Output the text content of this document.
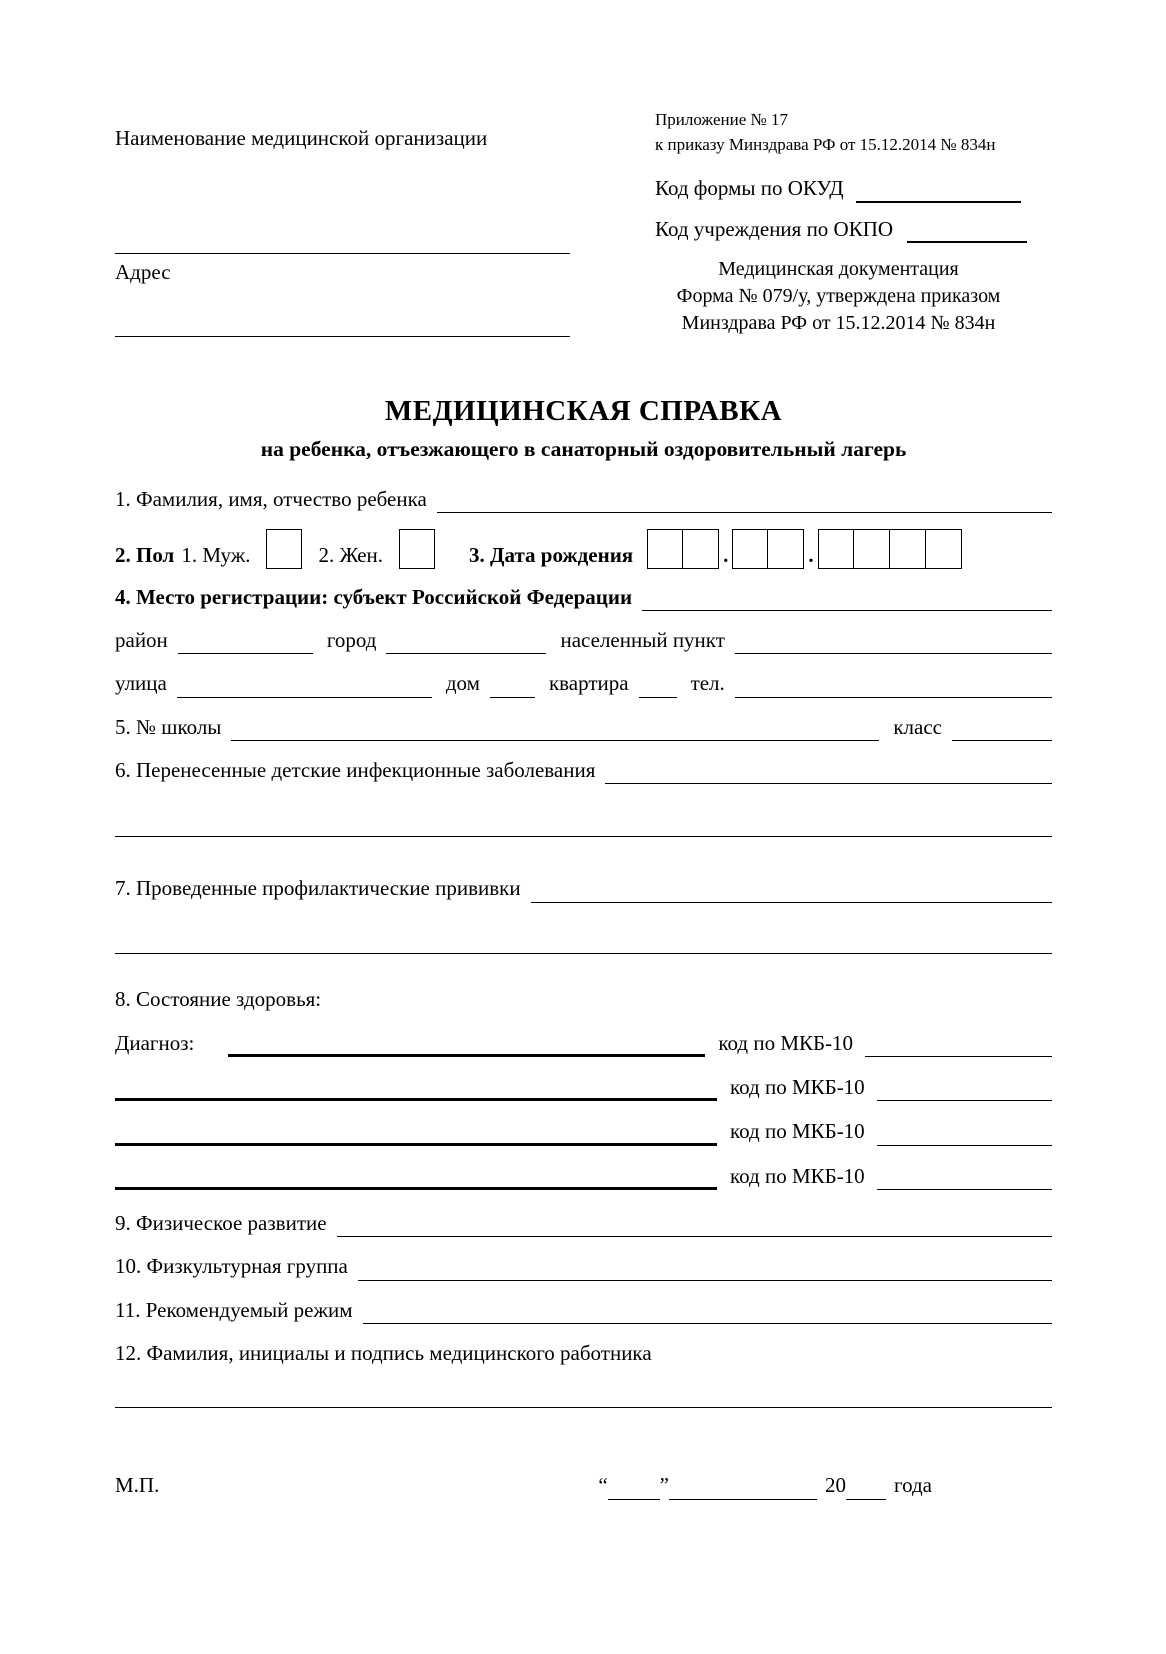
Наименование медицинской организации
Адрес
Приложение № 17
к приказу Минздрава РФ от 15.12.2014 № 834н
Код формы по ОКУД
Код учреждения по ОКПО
Медицинская документация
Форма № 079/у, утверждена приказом
Минздрава РФ от 15.12.2014 № 834н
МЕДИЦИНСКАЯ СПРАВКА
на ребенка, отъезжающего в санаторный оздоровительный лагерь
1. Фамилия, имя, отчество ребенка
2. Пол 1. Муж.	2. Жен.	3. Дата рождения	.	.
4. Место регистрации: субъект Российской Федерации
район	город	населенный пункт
улица	дом	квартира	тел.
5. № школы	класс
6. Перенесенные детские инфекционные заболевания
7. Проведенные профилактические прививки
8. Состояние здоровья:
Диагноз:	код по МКБ-10
код по МКБ-10
код по МКБ-10
код по МКБ-10
9. Физическое развитие
10. Физкультурная группа
11. Рекомендуемый режим
12. Фамилия, инициалы и подпись медицинского работника
М.П.	“ ”	20 года
